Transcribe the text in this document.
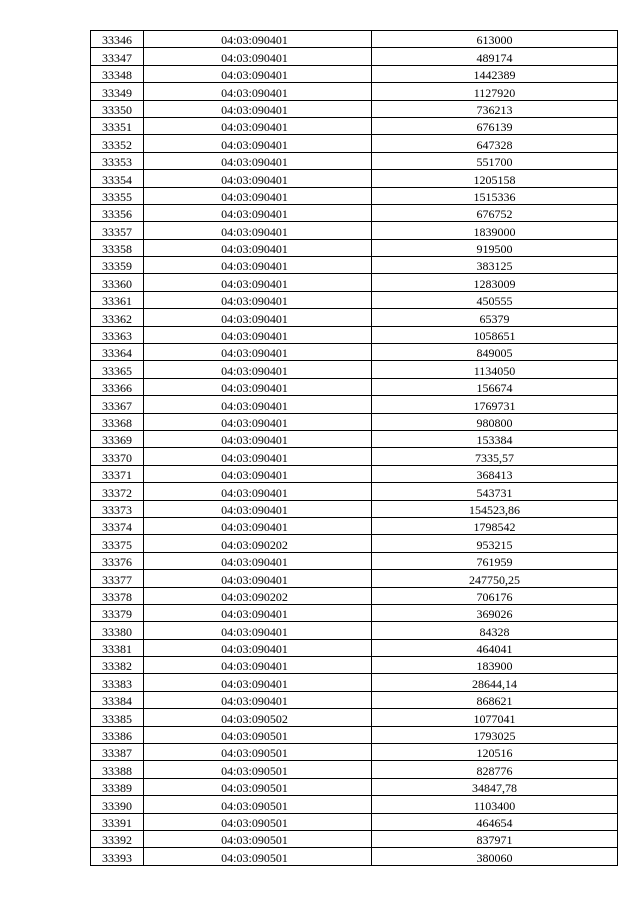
33346	04:03:090401	613000
33347	04:03:090401	489174
33348	04:03:090401	1442389
33349	04:03:090401	1127920
33350	04:03:090401	736213
33351	04:03:090401	676139
33352	04:03:090401	647328
33353	04:03:090401	551700
33354	04:03:090401	1205158
33355	04:03:090401	1515336
33356	04:03:090401	676752
33357	04:03:090401	1839000
33358	04:03:090401	919500
33359	04:03:090401	383125
33360	04:03:090401	1283009
33361	04:03:090401	450555
33362	04:03:090401	65379
33363	04:03:090401	1058651
33364	04:03:090401	849005
33365	04:03:090401	1134050
33366	04:03:090401	156674
33367	04:03:090401	1769731
33368	04:03:090401	980800
33369	04:03:090401	153384
33370	04:03:090401	7335,57
33371	04:03:090401	368413
33372	04:03:090401	543731
33373	04:03:090401	154523,86
33374	04:03:090401	1798542
33375	04:03:090202	953215
33376	04:03:090401	761959
33377	04:03:090401	247750,25
33378	04:03:090202	706176
33379	04:03:090401	369026
33380	04:03:090401	84328
33381	04:03:090401	464041
33382	04:03:090401	183900
33383	04:03:090401	28644,14
33384	04:03:090401	868621
33385	04:03:090502	1077041
33386	04:03:090501	1793025
33387	04:03:090501	120516
33388	04:03:090501	828776
33389	04:03:090501	34847,78
33390	04:03:090501	1103400
33391	04:03:090501	464654
33392	04:03:090501	837971
33393	04:03:090501	380060
